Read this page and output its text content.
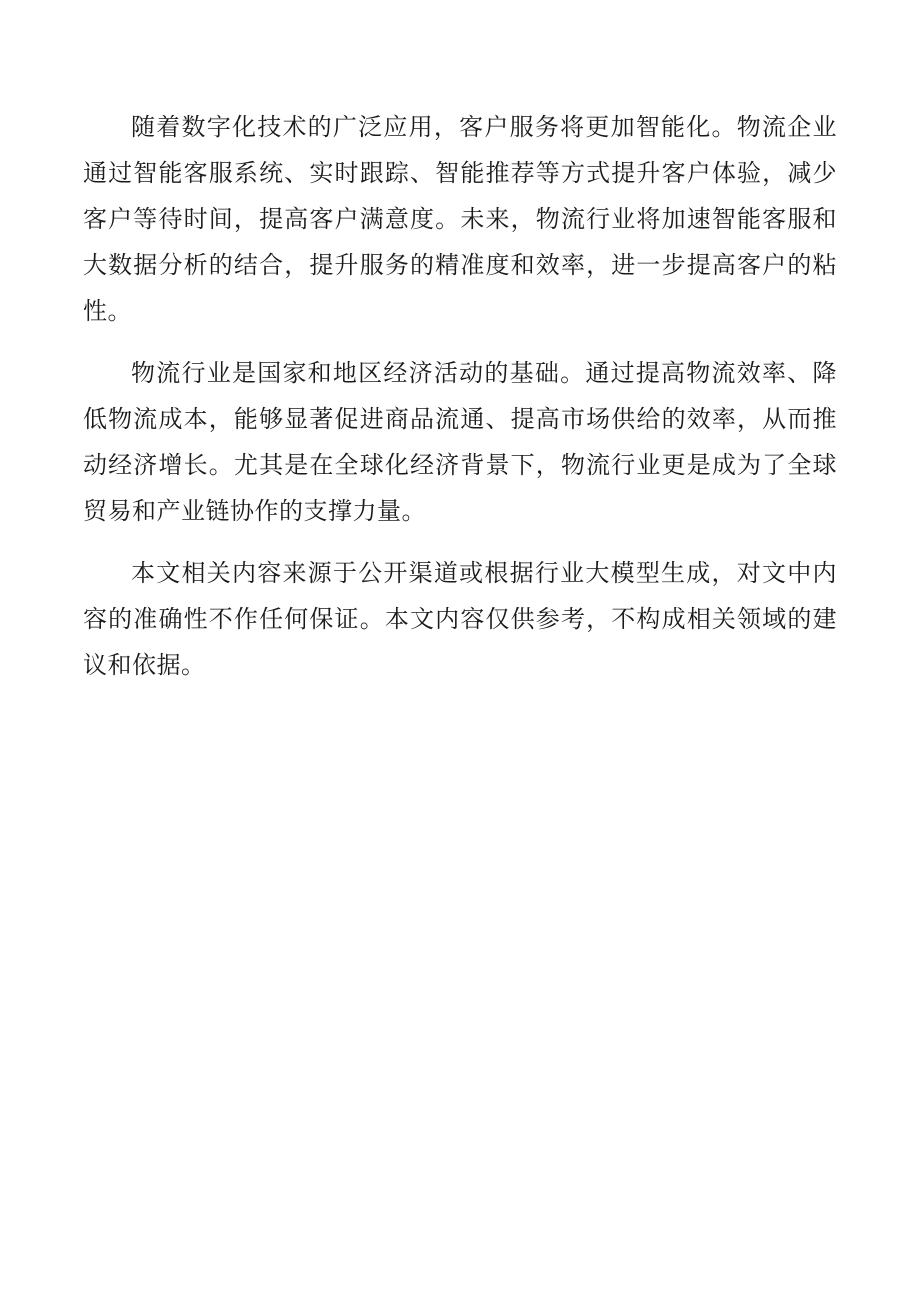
随着数字化技术的广泛应用，客户服务将更加智能化。物流企业通过智能客服系统、实时跟踪、智能推荐等方式提升客户体验，减少客户等待时间，提高客户满意度。未来，物流行业将加速智能客服和大数据分析的结合，提升服务的精准度和效率，进一步提高客户的粘性。

物流行业是国家和地区经济活动的基础。通过提高物流效率、降低物流成本，能够显著促进商品流通、提高市场供给的效率，从而推动经济增长。尤其是在全球化经济背景下，物流行业更是成为了全球贸易和产业链协作的支撑力量。

本文相关内容来源于公开渠道或根据行业大模型生成，对文中内容的准确性不作任何保证。本文内容仅供参考，不构成相关领域的建议和依据。
